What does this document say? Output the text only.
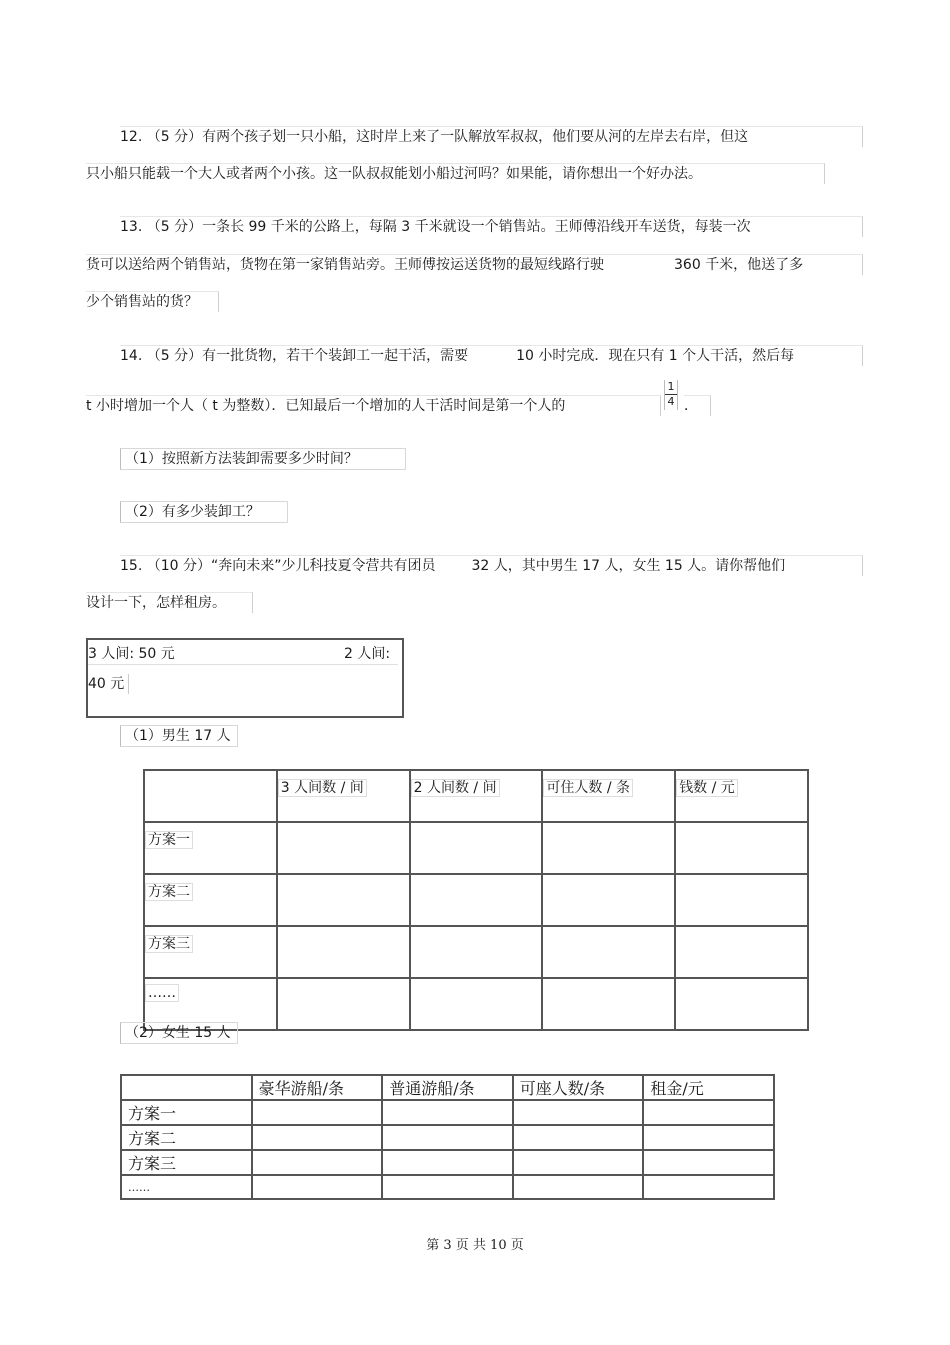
12. （5 分）有两个孩子划一只小船，这时岸上来了一队解放军叔叔，他们要从河的左岸去右岸，但这
只小船只能载一个大人或者两个小孩。这一队叔叔能划小船过河吗？如果能，请你想出一个好办法。
13. （5 分）一条长 99 千米的公路上，每隔 3 千米就设一个销售站。王师傅沿线开车送货，每装一次
货可以送给两个销售站，货物在第一家销售站旁。王师傅按运送货物的最短线路行驶	360 千米，他送了多
少个销售站的货？
14. （5 分）有一批货物，若干个装卸工一起干活，需要	10 小时完成．现在只有 1 个人干活，然后每
t 小时增加一个人（ t 为整数）．已知最后一个增加的人干活时间是第一个人的	$\frac{1}{4}$ ．
（1）按照新方法装卸需要多少时间？
（2）有多少装卸工？
15. （10 分）“奔向未来”少儿科技夏令营共有团员	32 人，其中男生 17 人，女生 15 人。请你帮他们
设计一下，怎样租房。
3 人间: 50 元	2 人间:
40 元
（1）男生 17 人
	3 人间数 / 间	2 人间数 / 间	可住人数 / 条	钱数 / 元
方案一				
方案二				
方案三				
……				
（2）女生 15 人
	豪华游船/条	普通游船/条	可座人数/条	租金/元
方案一				
方案二				
方案三				
……				
第 3 页 共 10 页
